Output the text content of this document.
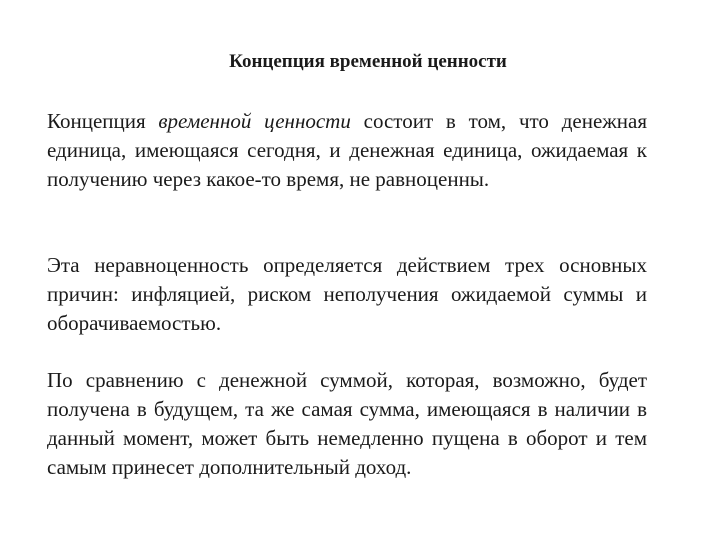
Концепция временной ценности

Концепция временной ценности состоит в том, что денежная единица, имеющаяся сегодня, и денежная единица, ожидаемая к получению через какое-то время, не равноценны.

Эта неравноценность определяется действием трех основных причин: инфляцией, риском неполучения ожидаемой суммы и оборачиваемостью.

По сравнению с денежной суммой, которая, возможно, будет получена в будущем, та же самая сумма, имеющаяся в наличии в данный момент, может быть немедленно пущена в оборот и тем самым принесет дополнительный доход.
